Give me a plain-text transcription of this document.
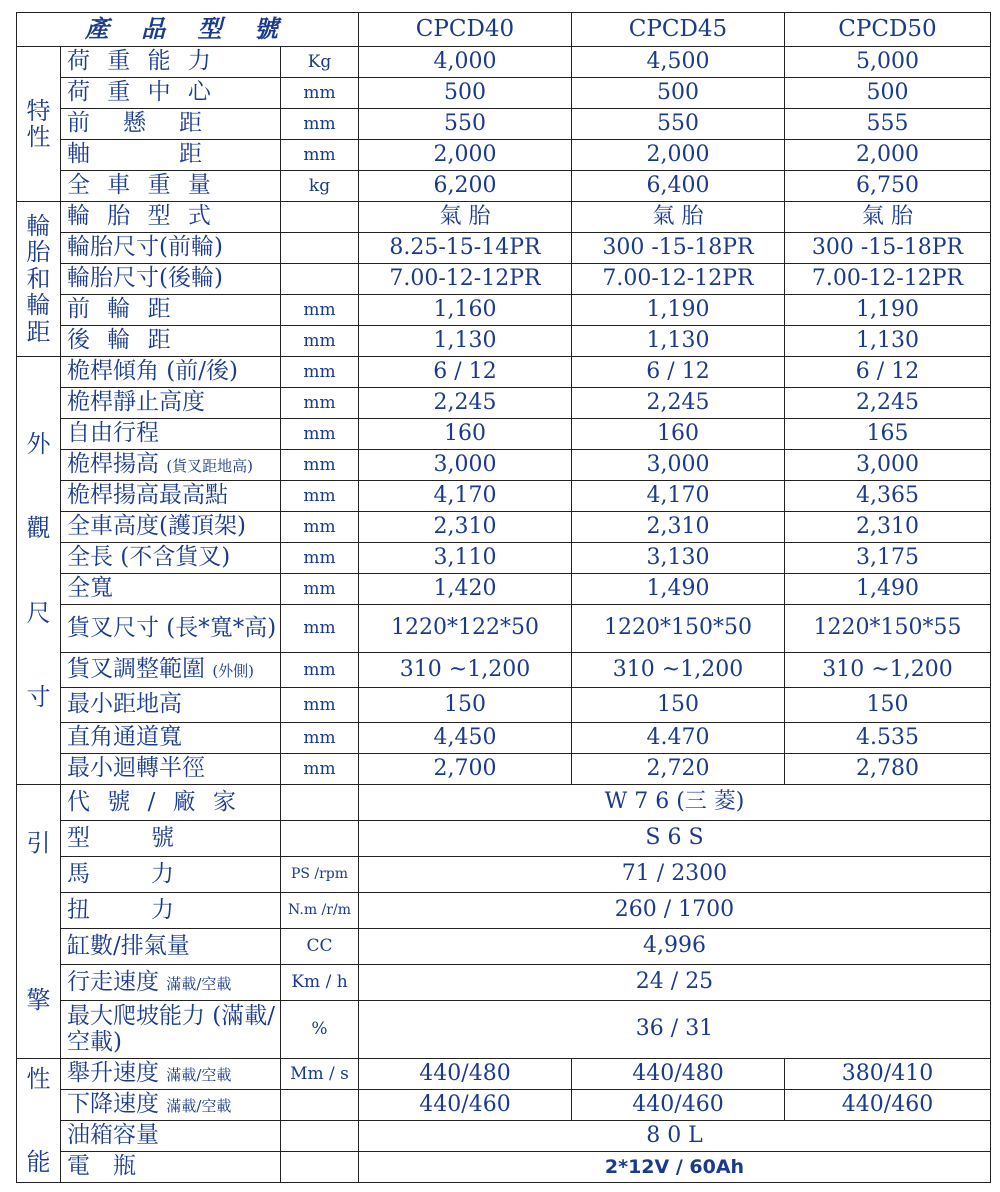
產 品 型 號			CPCD40	CPCD45	CPCD50

特
性	荷 重 能 力	Kg	4,000	4,500	5,000
	荷 重 中 心	mm	500	500	500
	前　懸　距	mm	550	550	555
	軸　　　距	mm	2,000	2,000	2,000
	全 車 重 量	kg	6,200	6,400	6,750

輪
胎
和
輪
距	輪 胎 型 式		氣 胎	氣 胎	氣 胎
	輪胎尺寸(前輪)		8.25-15-14PR	300 -15-18PR	300 -15-18PR
	輪胎尺寸(後輪)		7.00-12-12PR	7.00-12-12PR	7.00-12-12PR
	前 輪 距	mm	1,160	1,190	1,190
	後 輪 距	mm	1,130	1,130	1,130

外
觀
尺
寸	桅桿傾角 (前/後)	mm	6 / 12	6 / 12	6 / 12
	桅桿靜止高度	mm	2,245	2,245	2,245
	自由行程	mm	160	160	165
	桅桿揚高 (貨叉距地高)	mm	3,000	3,000	3,000
	桅桿揚高最高點	mm	4,170	4,170	4,365
	全車高度(護頂架)	mm	2,310	2,310	2,310
	全長 (不含貨叉)	mm	3,110	3,130	3,175
	全寬	mm	1,420	1,490	1,490
	貨叉尺寸 (長*寬*高)	mm	1220*122*50	1220*150*50	1220*150*55
	貨叉調整範圍 (外側)	mm	310 ~1,200	310 ~1,200	310 ~1,200
	最小距地高	mm	150	150	150
	直角通道寬	mm	4,450	4.470	4.535
	最小迴轉半徑	mm	2,700	2,720	2,780

引
擎	代 號 / 廠 家		W 7 6 (三 菱)		
	型　　號		S 6 S		
	馬　　力	PS /rpm	71 / 2300		
	扭　　力	N.m /r/m	260 / 1700		
	缸數/排氣量	CC	4,996		
	行走速度 滿載/空載	Km / h	24 / 25		
	最大爬坡能力 (滿載/空載)	%	36 / 31		

性
能	舉升速度 滿載/空載	Mm / s	440/480	440/480	380/410
	下降速度 滿載/空載		440/460	440/460	440/460
	油箱容量		8 0 L		
	電　瓶		2*12V / 60Ah		
